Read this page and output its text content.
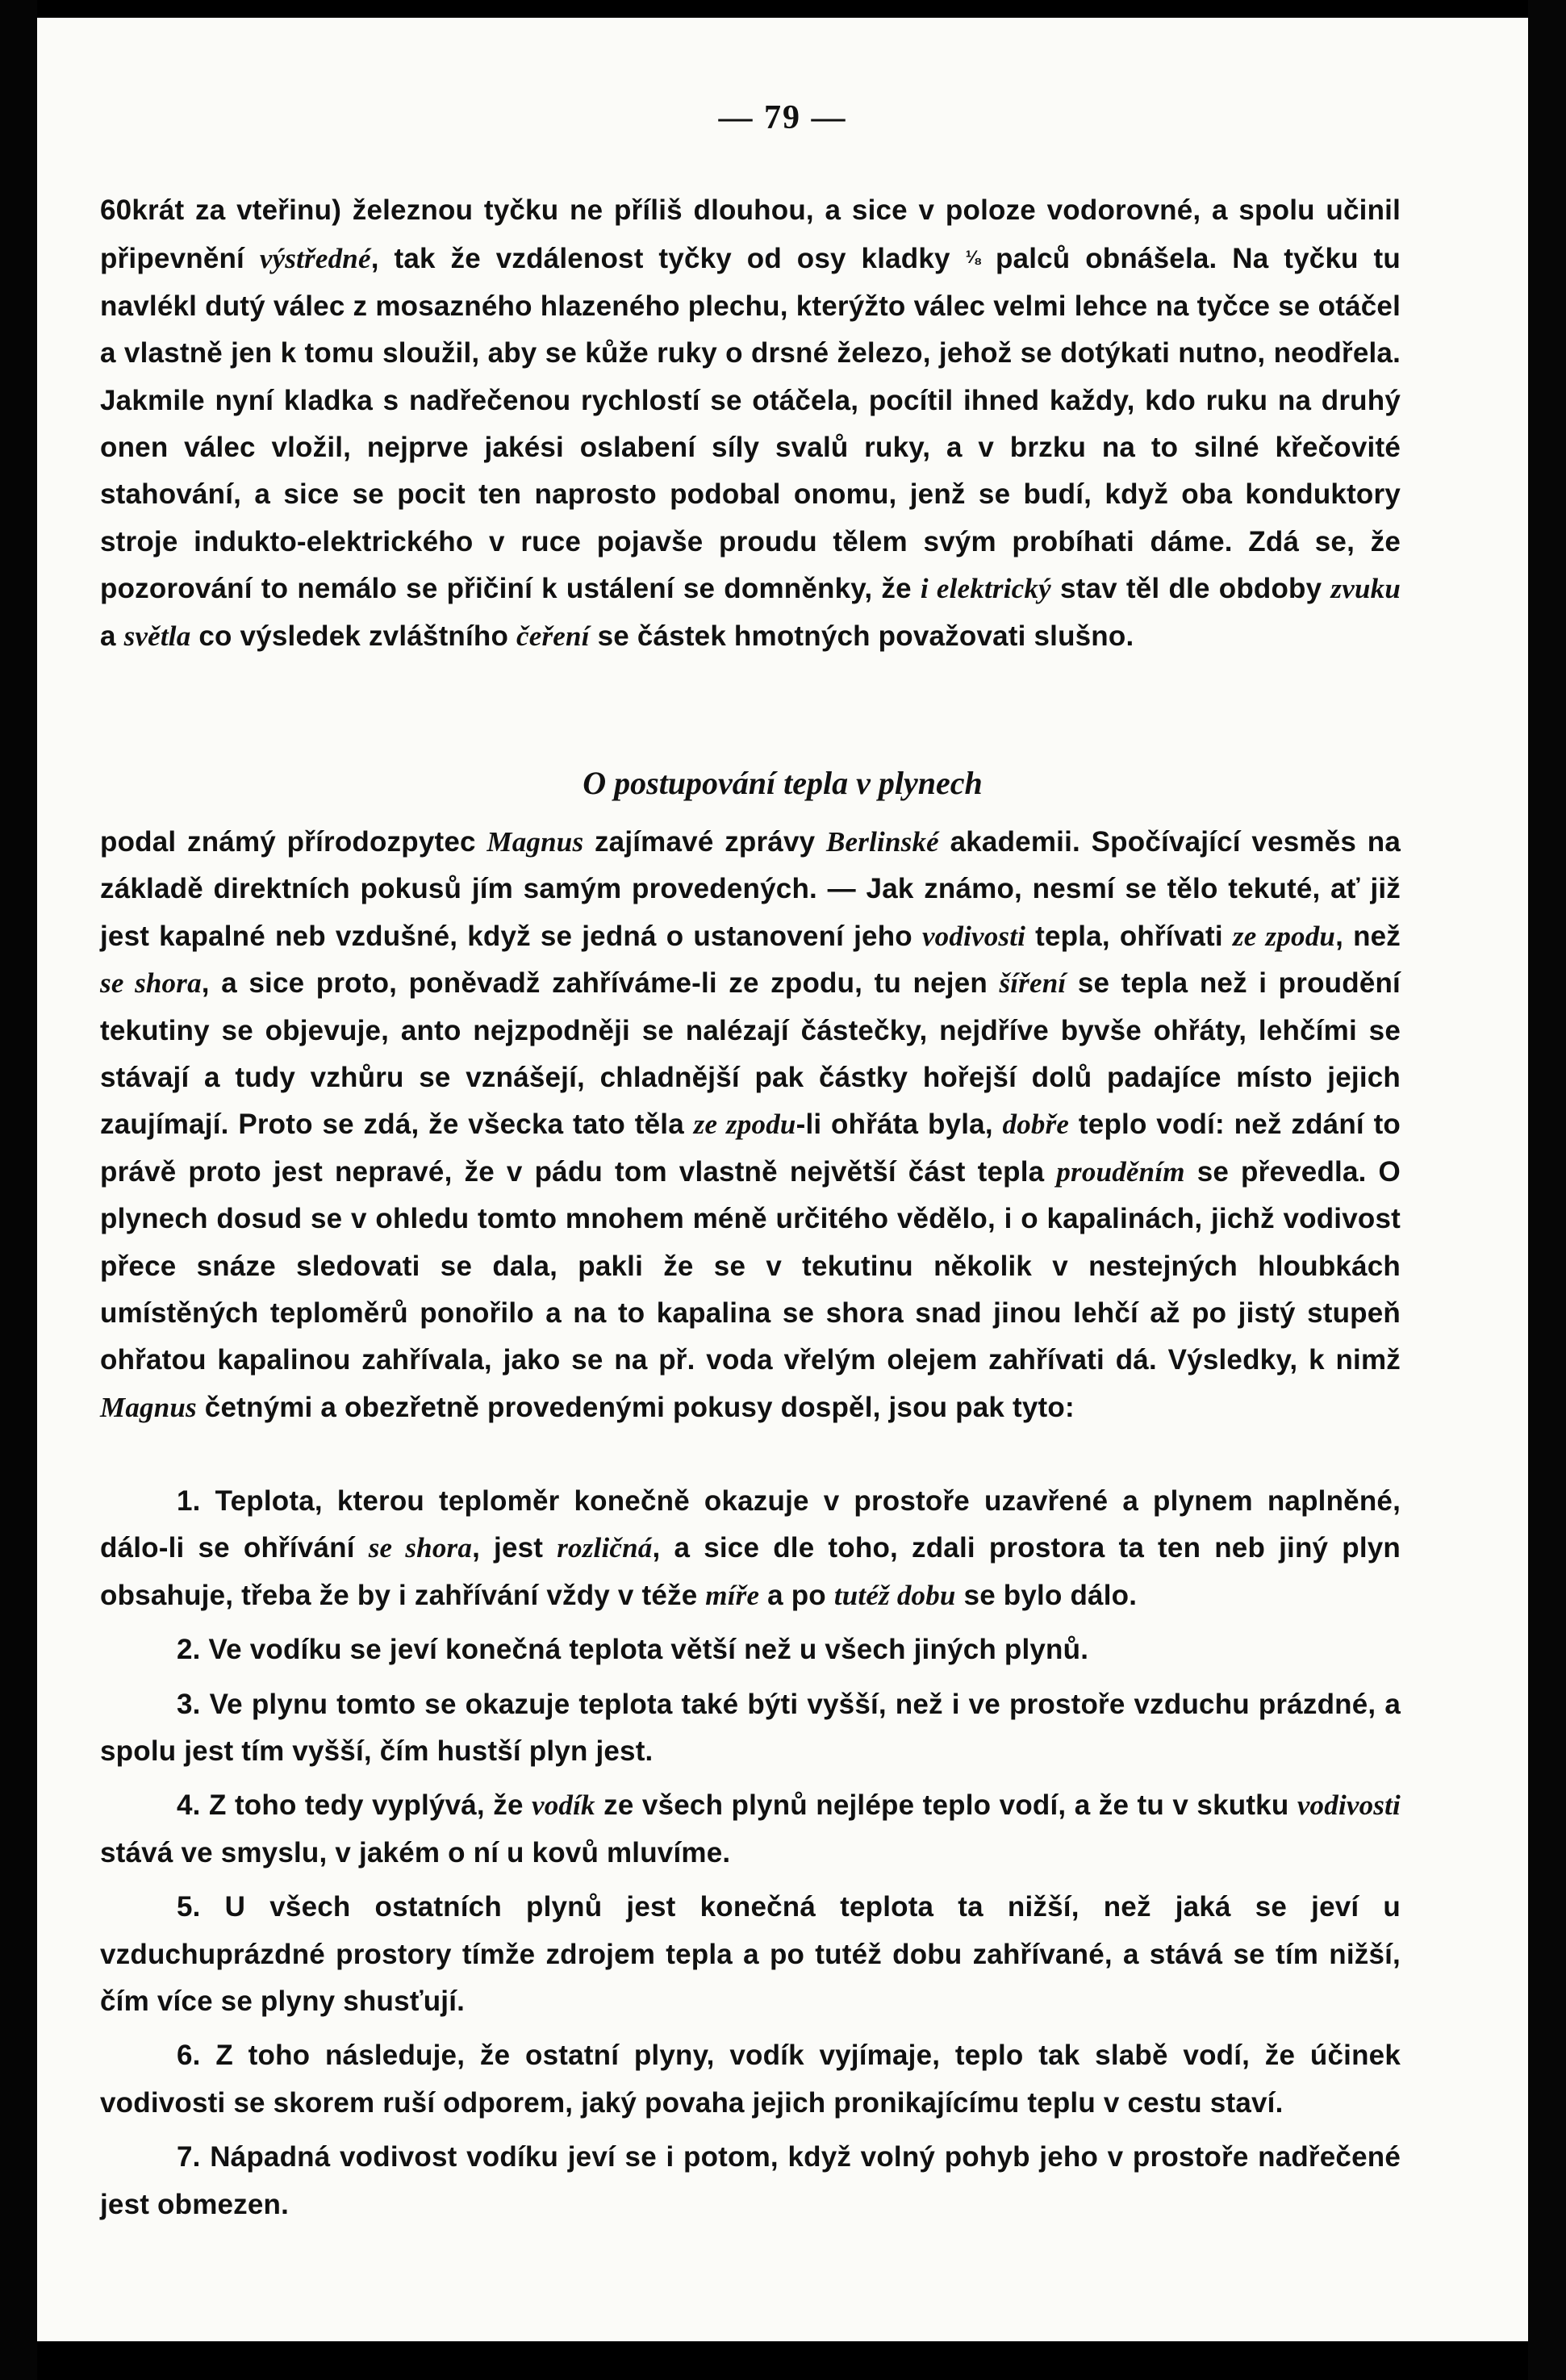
— 79 —
60krát za vteřinu) železnou tyčku ne příliš dlouhou, a sice v poloze vodorovné, a spolu učinil připevnění výstředné, tak že vzdálenost tyčky od osy kladky ⅛ palců obnášela. Na tyčku tu navlékl dutý válec z mosazného hlazeného plechu, kterýžto válec velmi lehce na tyčce se otáčel a vlastně jen k tomu sloužil, aby se kůže ruky o drsné železo, jehož se dotýkati nutno, neodřela. Jakmile nyní kladka s nadřečenou rychlostí se otáčela, pocítil ihned každy, kdo ruku na druhý onen válec vložil, nejprve jakési oslabení síly svalů ruky, a v brzku na to silné křečovité stahování, a sice se pocit ten naprosto podobal onomu, jenž se budí, když oba konduktory stroje indukto-elektrického v ruce pojavše proudu tělem svým probíhati dáme. Zdá se, že pozorování to nemálo se přičiní k ustálení se domněnky, že i elektrický stav těl dle obdoby zvuku a světla co výsledek zvláštního čeření se částek hmotných považovati slušno.
O postupování tepla v plynech
podal známý přírodozpytec Magnus zajímavé zprávy Berlinské akademii. Spočívající vesměs na základě direktních pokusů jím samým provedených. — Jak známo, nesmí se tělo tekuté, ať již jest kapalné neb vzdušné, když se jedná o ustanovení jeho vodivosti tepla, ohřívati ze zpodu, než se shora, a sice proto, poněvadž zahříváme-li ze zpodu, tu nejen šíření se tepla než i proudění tekutiny se objevuje, anto nejzpodněji se nalézají částečky, nejdříve byvše ohřáty, lehčími se stávají a tudy vzhůru se vznášejí, chladnější pak částky hořejší dolů padajíce místo jejich zaujímají. Proto se zdá, že všecka tato těla ze zpodu-li ohřáta byla, dobře teplo vodí: než zdání to právě proto jest nepravé, že v pádu tom vlastně největší část tepla prouděním se převedla. O plynech dosud se v ohledu tomto mnohem méně určitého vědělo, i o kapalinách, jichž vodivost přece snáze sledovati se dala, pakli že se v tekutinu několik v nestejných hloubkách umístěných teploměrů ponořilo a na to kapalina se shora snad jinou lehčí až po jistý stupeň ohřatou kapalinou zahřívala, jako se na př. voda vřelým olejem zahřívati dá. Výsledky, k nimž Magnus četnými a obezřetně provedenými pokusy dospěl, jsou pak tyto:
1. Teplota, kterou teploměr konečně okazuje v prostoře uzavřené a plynem naplněné, dálo-li se ohřívání se shora, jest rozličná, a sice dle toho, zdali prostora ta ten neb jiný plyn obsahuje, třeba že by i zahřívání vždy v téže míře a po tutéž dobu se bylo dálo.
2. Ve vodíku se jeví konečná teplota větší než u všech jiných plynů.
3. Ve plynu tomto se okazuje teplota také býti vyšší, než i ve prostoře vzduchu prázdné, a spolu jest tím vyšší, čím hustší plyn jest.
4. Z toho tedy vyplývá, že vodík ze všech plynů nejlépe teplo vodí, a že tu v skutku vodivosti stává ve smyslu, v jakém o ní u kovů mluvíme.
5. U všech ostatních plynů jest konečná teplota ta nižší, než jaká se jeví u vzduchuprázdné prostory tímže zdrojem tepla a po tutéž dobu zahřívané, a stává se tím nižší, čím více se plyny shusťují.
6. Z toho následuje, že ostatní plyny, vodík vyjímaje, teplo tak slabě vodí, že účinek vodivosti se skorem ruší odporem, jaký povaha jejich pronikajícímu teplu v cestu staví.
7. Nápadná vodivost vodíku jeví se i potom, když volný pohyb jeho v prostoře nadřečené jest obmezen.
